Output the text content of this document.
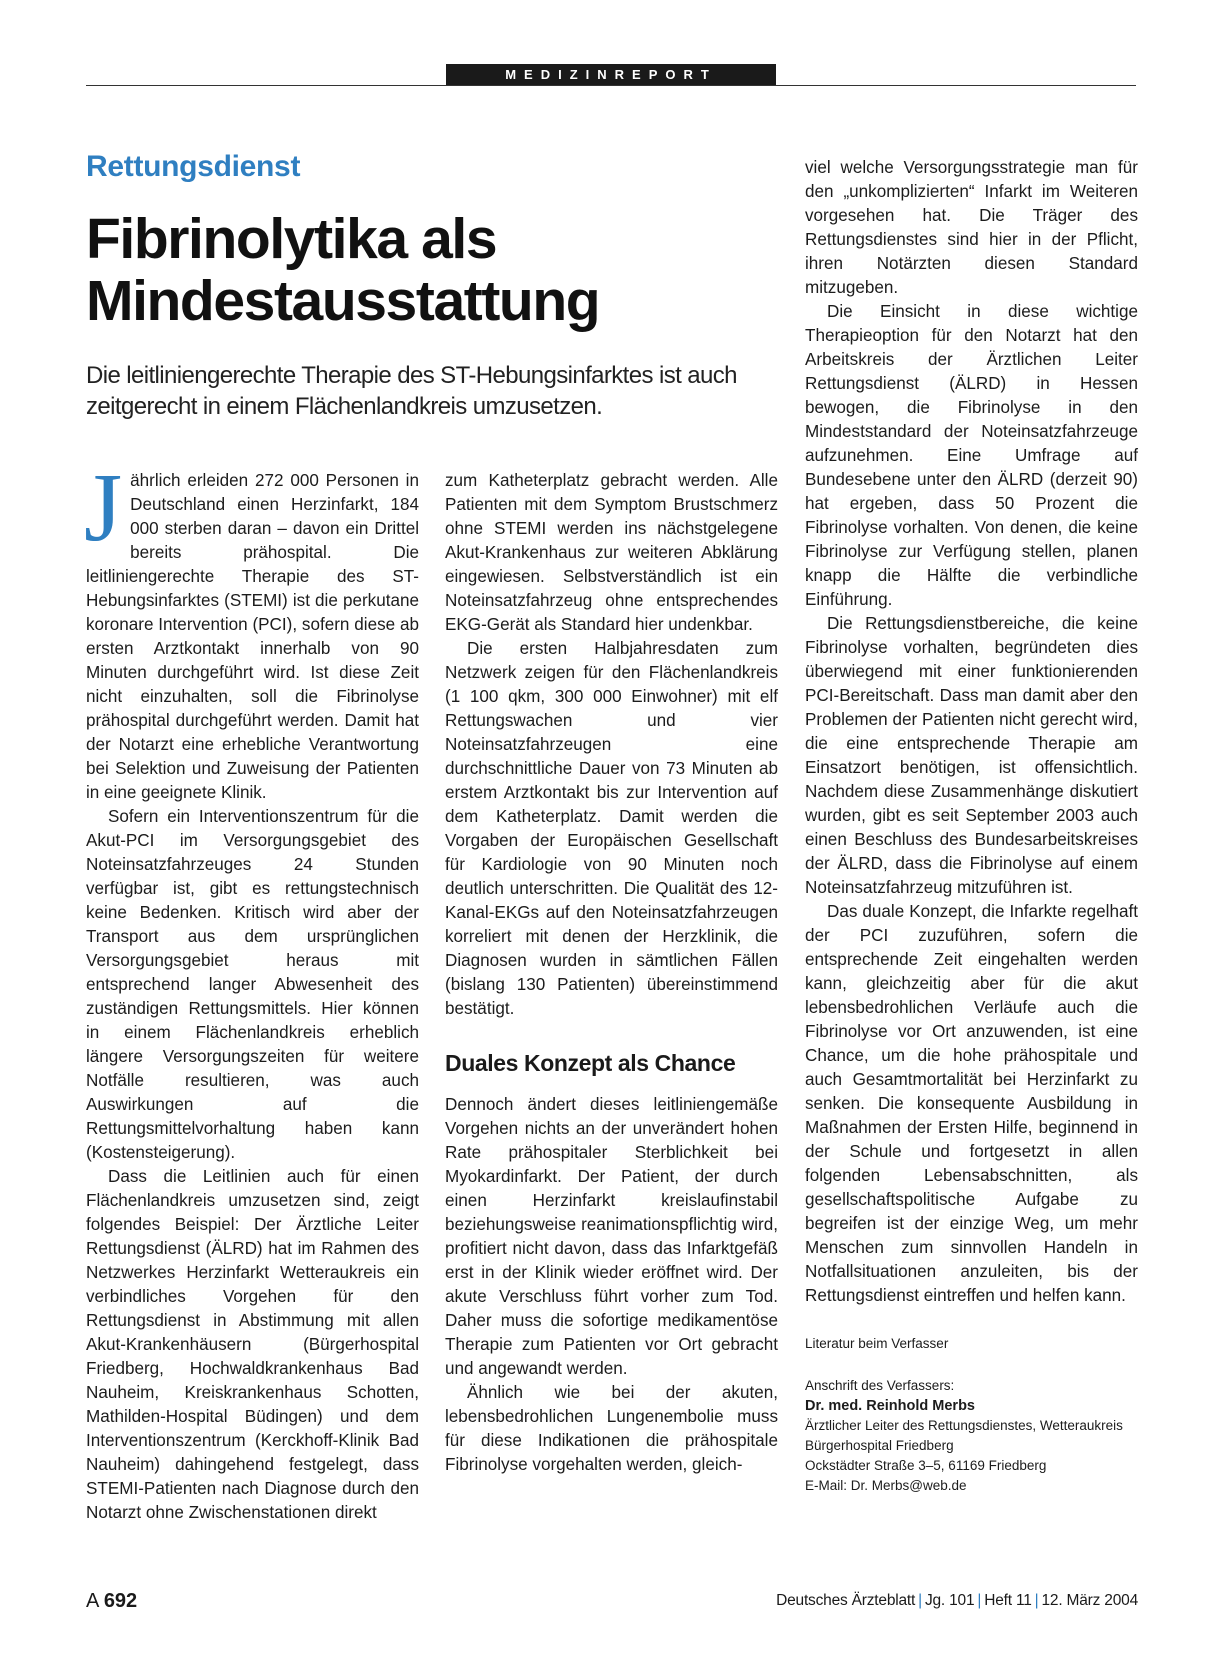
MEDIZINREPORT
Rettungsdienst
Fibrinolytika als
Mindestausstattung
Die leitliniengerechte Therapie des ST-Hebungsinfarktes ist auch zeitgerecht in einem Flächenlandkreis umzusetzen.

Jährlich erleiden 272 000 Personen in Deutschland einen Herzinfarkt, 184 000 sterben daran – davon ein Drittel bereits prähospital. Die leitliniengerechte Therapie des ST-Hebungsinfarktes (STEMI) ist die perkutane koronare Intervention (PCI), sofern diese ab ersten Arztkontakt innerhalb von 90 Minuten durchgeführt wird. Ist diese Zeit nicht einzuhalten, soll die Fibrinolyse prähospital durchgeführt werden. Damit hat der Notarzt eine erhebliche Verantwortung bei Selektion und Zuweisung der Patienten in eine geeignete Klinik.

Sofern ein Interventionszentrum für die Akut-PCI im Versorgungsgebiet des Noteinsatzfahrzeuges 24 Stunden verfügbar ist, gibt es rettungstechnisch keine Bedenken. Kritisch wird aber der Transport aus dem ursprünglichen Versorgungsgebiet heraus mit entsprechend langer Abwesenheit des zuständigen Rettungsmittels. Hier können in einem Flächenlandkreis erheblich längere Versorgungszeiten für weitere Notfälle resultieren, was auch Auswirkungen auf die Rettungsmittelvorhaltung haben kann (Kostensteigerung).

Dass die Leitlinien auch für einen Flächenlandkreis umzusetzen sind, zeigt folgendes Beispiel: Der Ärztliche Leiter Rettungsdienst (ÄLRD) hat im Rahmen des Netzwerkes Herzinfarkt Wetteraukreis ein verbindliches Vorgehen für den Rettungsdienst in Abstimmung mit allen Akut-Krankenhäusern (Bürgerhospital Friedberg, Hochwaldkrankenhaus Bad Nauheim, Kreiskrankenhaus Schotten, Mathilden-Hospital Büdingen) und dem Interventionszentrum (Kerckhoff-Klinik Bad Nauheim) dahingehend festgelegt, dass STEMI-Patienten nach Diagnose durch den Notarzt ohne Zwischenstationen direkt

zum Katheterplatz gebracht werden. Alle Patienten mit dem Symptom Brustschmerz ohne STEMI werden ins nächstgelegene Akut-Krankenhaus zur weiteren Abklärung eingewiesen. Selbstverständlich ist ein Noteinsatzfahrzeug ohne entsprechendes EKG-Gerät als Standard hier undenkbar.

Die ersten Halbjahresdaten zum Netzwerk zeigen für den Flächenlandkreis (1 100 qkm, 300 000 Einwohner) mit elf Rettungswachen und vier Noteinsatzfahrzeugen eine durchschnittliche Dauer von 73 Minuten ab erstem Arztkontakt bis zur Intervention auf dem Katheterplatz. Damit werden die Vorgaben der Europäischen Gesellschaft für Kardiologie von 90 Minuten noch deutlich unterschritten. Die Qualität des 12-Kanal-EKGs auf den Noteinsatzfahrzeugen korreliert mit denen der Herzklinik, die Diagnosen wurden in sämtlichen Fällen (bislang 130 Patienten) übereinstimmend bestätigt.

Duales Konzept als Chance

Dennoch ändert dieses leitliniengemäße Vorgehen nichts an der unverändert hohen Rate prähospitaler Sterblichkeit bei Myokardinfarkt. Der Patient, der durch einen Herzinfarkt kreislaufinstabil beziehungsweise reanimationspflichtig wird, profitiert nicht davon, dass das Infarktgefäß erst in der Klinik wieder eröffnet wird. Der akute Verschluss führt vorher zum Tod. Daher muss die sofortige medikamentöse Therapie zum Patienten vor Ort gebracht und angewandt werden.

Ähnlich wie bei der akuten, lebensbedrohlichen Lungenembolie muss für diese Indikationen die prähospitale Fibrinolyse vorgehalten werden, gleich-

viel welche Versorgungsstrategie man für den „unkomplizierten“ Infarkt im Weiteren vorgesehen hat. Die Träger des Rettungsdienstes sind hier in der Pflicht, ihren Notärzten diesen Standard mitzugeben.

Die Einsicht in diese wichtige Therapieoption für den Notarzt hat den Arbeitskreis der Ärztlichen Leiter Rettungsdienst (ÄLRD) in Hessen bewogen, die Fibrinolyse in den Mindeststandard der Noteinsatzfahrzeuge aufzunehmen. Eine Umfrage auf Bundesebene unter den ÄLRD (derzeit 90) hat ergeben, dass 50 Prozent die Fibrinolyse vorhalten. Von denen, die keine Fibrinolyse zur Verfügung stellen, planen knapp die Hälfte die verbindliche Einführung.

Die Rettungsdienstbereiche, die keine Fibrinolyse vorhalten, begründeten dies überwiegend mit einer funktionierenden PCI-Bereitschaft. Dass man damit aber den Problemen der Patienten nicht gerecht wird, die eine entsprechende Therapie am Einsatzort benötigen, ist offensichtlich. Nachdem diese Zusammenhänge diskutiert wurden, gibt es seit September 2003 auch einen Beschluss des Bundesarbeitskreises der ÄLRD, dass die Fibrinolyse auf einem Noteinsatzfahrzeug mitzuführen ist.

Das duale Konzept, die Infarkte regelhaft der PCI zuzuführen, sofern die entsprechende Zeit eingehalten werden kann, gleichzeitig aber für die akut lebensbedrohlichen Verläufe auch die Fibrinolyse vor Ort anzuwenden, ist eine Chance, um die hohe prähospitale und auch Gesamtmortalität bei Herzinfarkt zu senken. Die konsequente Ausbildung in Maßnahmen der Ersten Hilfe, beginnend in der Schule und fortgesetzt in allen folgenden Lebensabschnitten, als gesellschaftspolitische Aufgabe zu begreifen ist der einzige Weg, um mehr Menschen zum sinnvollen Handeln in Notfallsituationen anzuleiten, bis der Rettungsdienst eintreffen und helfen kann.

Literatur beim Verfasser
Anschrift des Verfassers:
Dr. med. Reinhold Merbs
Ärztlicher Leiter des Rettungsdienstes, Wetteraukreis
Bürgerhospital Friedberg
Ockstädter Straße 3–5, 61169 Friedberg
E-Mail: Dr. Merbs@web.de
A 692	Deutsches Ärzteblatt | Jg. 101 | Heft 11 | 12. März 2004
